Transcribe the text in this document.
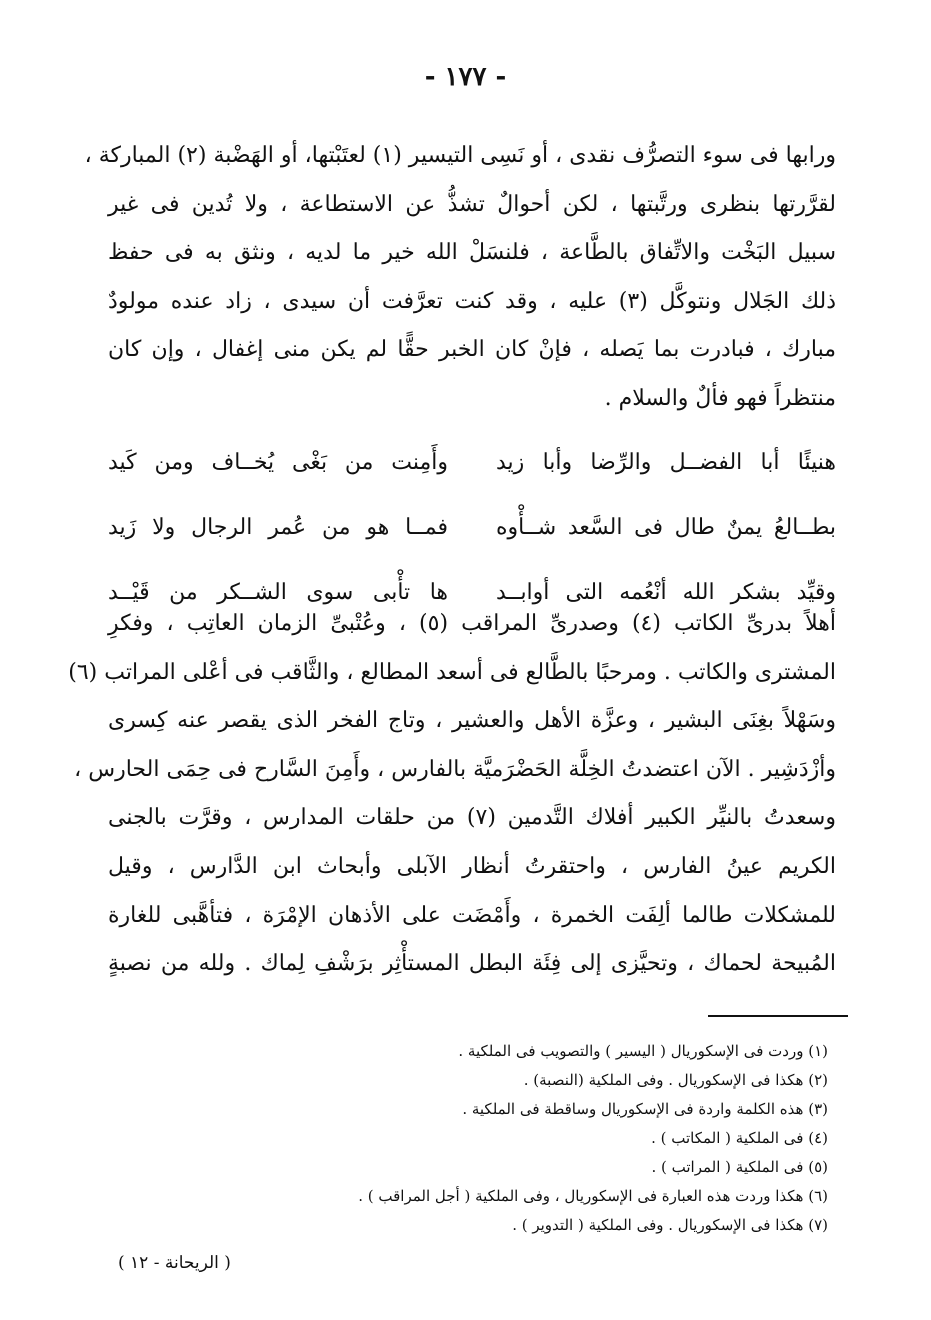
- ١٧٧ -
ورابها فى سوء التصرُّف نقدى ، أو نَسِى التيسير (١) لعتَبْتها، أو الهَضْبة (٢) المباركة ،
لقرَّرتها بنظرى ورتَّبتها ، لكن أحوالٌ تشذُّ عن الاستطاعة ، ولا تُدين فى غير
سبيل البَخْت والاتِّفاق بالطَّاعة ، فلنسَلْ الله خير ما لديه ، ونثق به فى حفظ
ذلك الجَلال ونتوكَّل (٣) عليه ، وقد كنت تعرَّفت أن سيدى ، زاد عنده مولودٌ
مبارك ، فبادرت بما يَصله ، فإنْ كان الخبر حقًّا لم يكن منى إغفال ، وإن كان
منتظراً فهو فألٌ والسلام .
هنيئًا أبا الفضــل والرِّضا وأبا زيد
وأَمِنت من بَغْى يُخــاف ومن كَيد
بطــالعُ يمنٌ طال فى السَّعد شــأْوه
فمــا هو من عُمر الرجال ولا زَيد
وقيِّد بشكر الله أنْعُمه التى أوابــد
ها تأْبى سوى الشــكر من قَيْــد
أهلاً بدرىِّ الكاتب (٤) وصدرىِّ المراقب (٥) ، وعُتْبىِّ الزمان العاتِب ، وفكرِ
المشترى والكاتب . ومرحبًا بالطَّالع فى أسعد المطالع ، والثَّاقب فى أعْلى المراتب (٦)
وسَهْلاً بغِنَى البشير ، وعزَّة الأهل والعشير ، وتاج الفخر الذى يقصر عنه كِسرى
وأزْدَشِير . الآن اعتضدتُ الخِلَّة الحَضْرَميَّة بالفارس ، وأَمِنَ السَّارح فى حِمَى الحارس ،
وسعدتُ بالنيِّر الكبير أفلاك التَّدمين (٧) من حلقات المدارس ، وقرَّت بالجنى
الكريم عينُ الفارس ، واحتقرتُ أنظار الآبلى وأبحاث ابن الدَّارس ، وقيل
للمشكلات طالما ألِفَت الخمرة ، وأَمْضَت على الأذهان الإمْرَة ، فتأهَّبى للغارة
المُبيحة لحماك ، وتحيَّزى إلى فِئَة البطل المستأْثِر برَشْفِ لِماك . ولله من نصبةٍ
(١) وردت فى الإسكوريال ( اليسير ) والتصويب فى الملكية .
(٢) هكذا فى الإسكوريال . وفى الملكية (النصبة) .
(٣) هذه الكلمة واردة فى الإسكوريال وساقطة فى الملكية .
(٤) فى الملكية ( المكاتب ) .
(٥) فى الملكية ( المراتب ) .
(٦) هكذا وردت هذه العبارة فى الإسكوريال ، وفى الملكية ( أجل المراقب ) .
(٧) هكذا فى الإسكوريال . وفى الملكية ( التدوير ) .
( الريحانة - ١٢ )
